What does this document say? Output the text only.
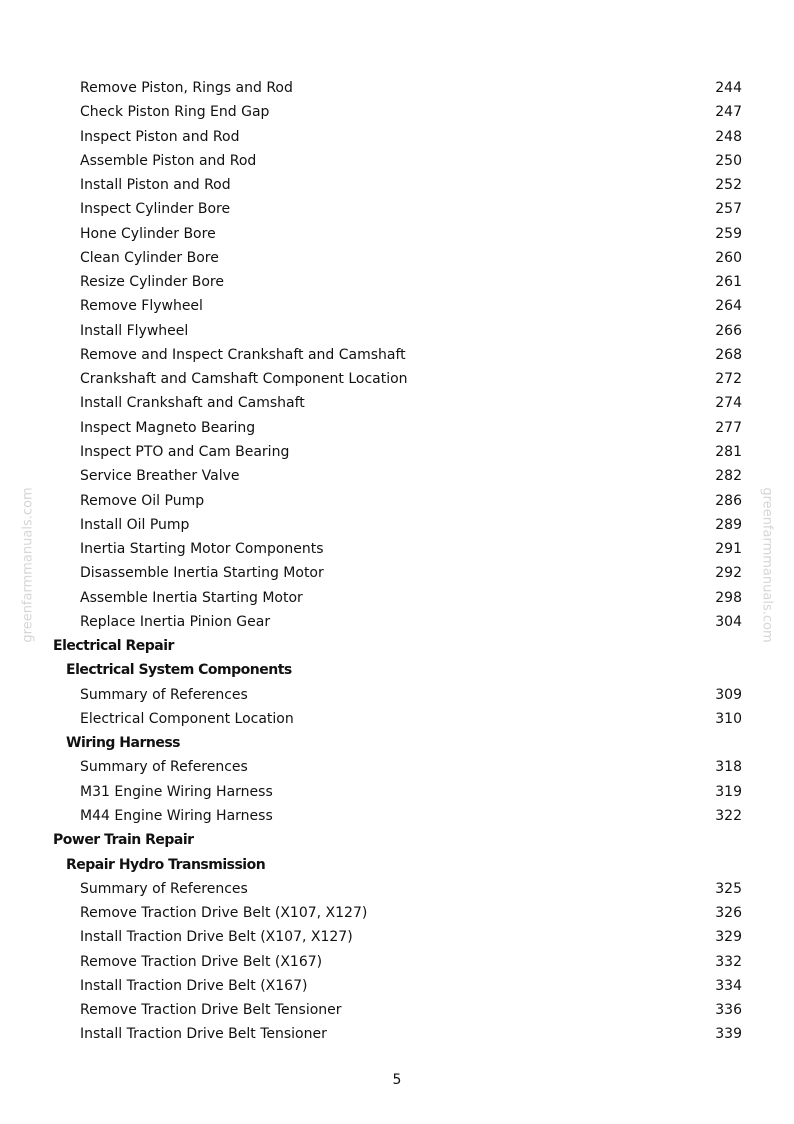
Remove Piston, Rings and Rod	244
Check Piston Ring End Gap	247
Inspect Piston and Rod	248
Assemble Piston and Rod	250
Install Piston and Rod	252
Inspect Cylinder Bore	257
Hone Cylinder Bore	259
Clean Cylinder Bore	260
Resize Cylinder Bore	261
Remove Flywheel	264
Install Flywheel	266
Remove and Inspect Crankshaft and Camshaft	268
Crankshaft and Camshaft Component Location	272
Install Crankshaft and Camshaft	274
Inspect Magneto Bearing	277
Inspect PTO and Cam Bearing	281
Service Breather Valve	282
Remove Oil Pump	286
Install Oil Pump	289
Inertia Starting Motor Components	291
Disassemble Inertia Starting Motor	292
Assemble Inertia Starting Motor	298
Replace Inertia Pinion Gear	304
Electrical Repair
Electrical System Components
Summary of References	309
Electrical Component Location	310
Wiring Harness
Summary of References	318
M31 Engine Wiring Harness	319
M44 Engine Wiring Harness	322
Power Train Repair
Repair Hydro Transmission
Summary of References	325
Remove Traction Drive Belt (X107, X127)	326
Install Traction Drive Belt (X107, X127)	329
Remove Traction Drive Belt (X167)	332
Install Traction Drive Belt (X167)	334
Remove Traction Drive Belt Tensioner	336
Install Traction Drive Belt Tensioner	339
5
greenfarmmanuals.com	greenfarmmanuals.com
